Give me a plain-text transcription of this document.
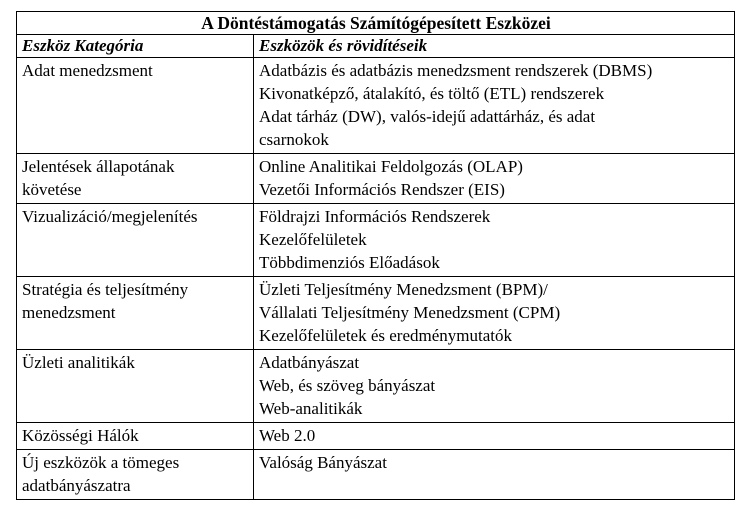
A Döntéstámogatás Számítógépesített Eszközei	
Eszköz Kategória	Eszközök és rövidítéseik

Adat menedzsment	Adatbázis és adatbázis menedzsment rendszerek (DBMS)
Kivonatképző, átalakító, és töltő (ETL) rendszerek
Adat tárház (DW), valós-idejű adattárház, és adat
csarnokok

Jelentések állapotának
követése	Online Analitikai Feldolgozás (OLAP)
Vezetői Információs Rendszer (EIS)

Vizualizáció/megjelenítés	Földrajzi Információs Rendszerek
Kezelőfelületek
Többdimenziós Előadások

Stratégia és teljesítmény
menedzsment	Üzleti Teljesítmény Menedzsment (BPM)/
Vállalati Teljesítmény Menedzsment (CPM)
Kezelőfelületek és eredménymutatók

Üzleti analitikák	Adatbányászat
Web, és szöveg bányászat
Web-analitikák

Közösségi Hálók	Web 2.0

Új eszközök a tömeges
adatbányászatra	Valóság Bányászat
